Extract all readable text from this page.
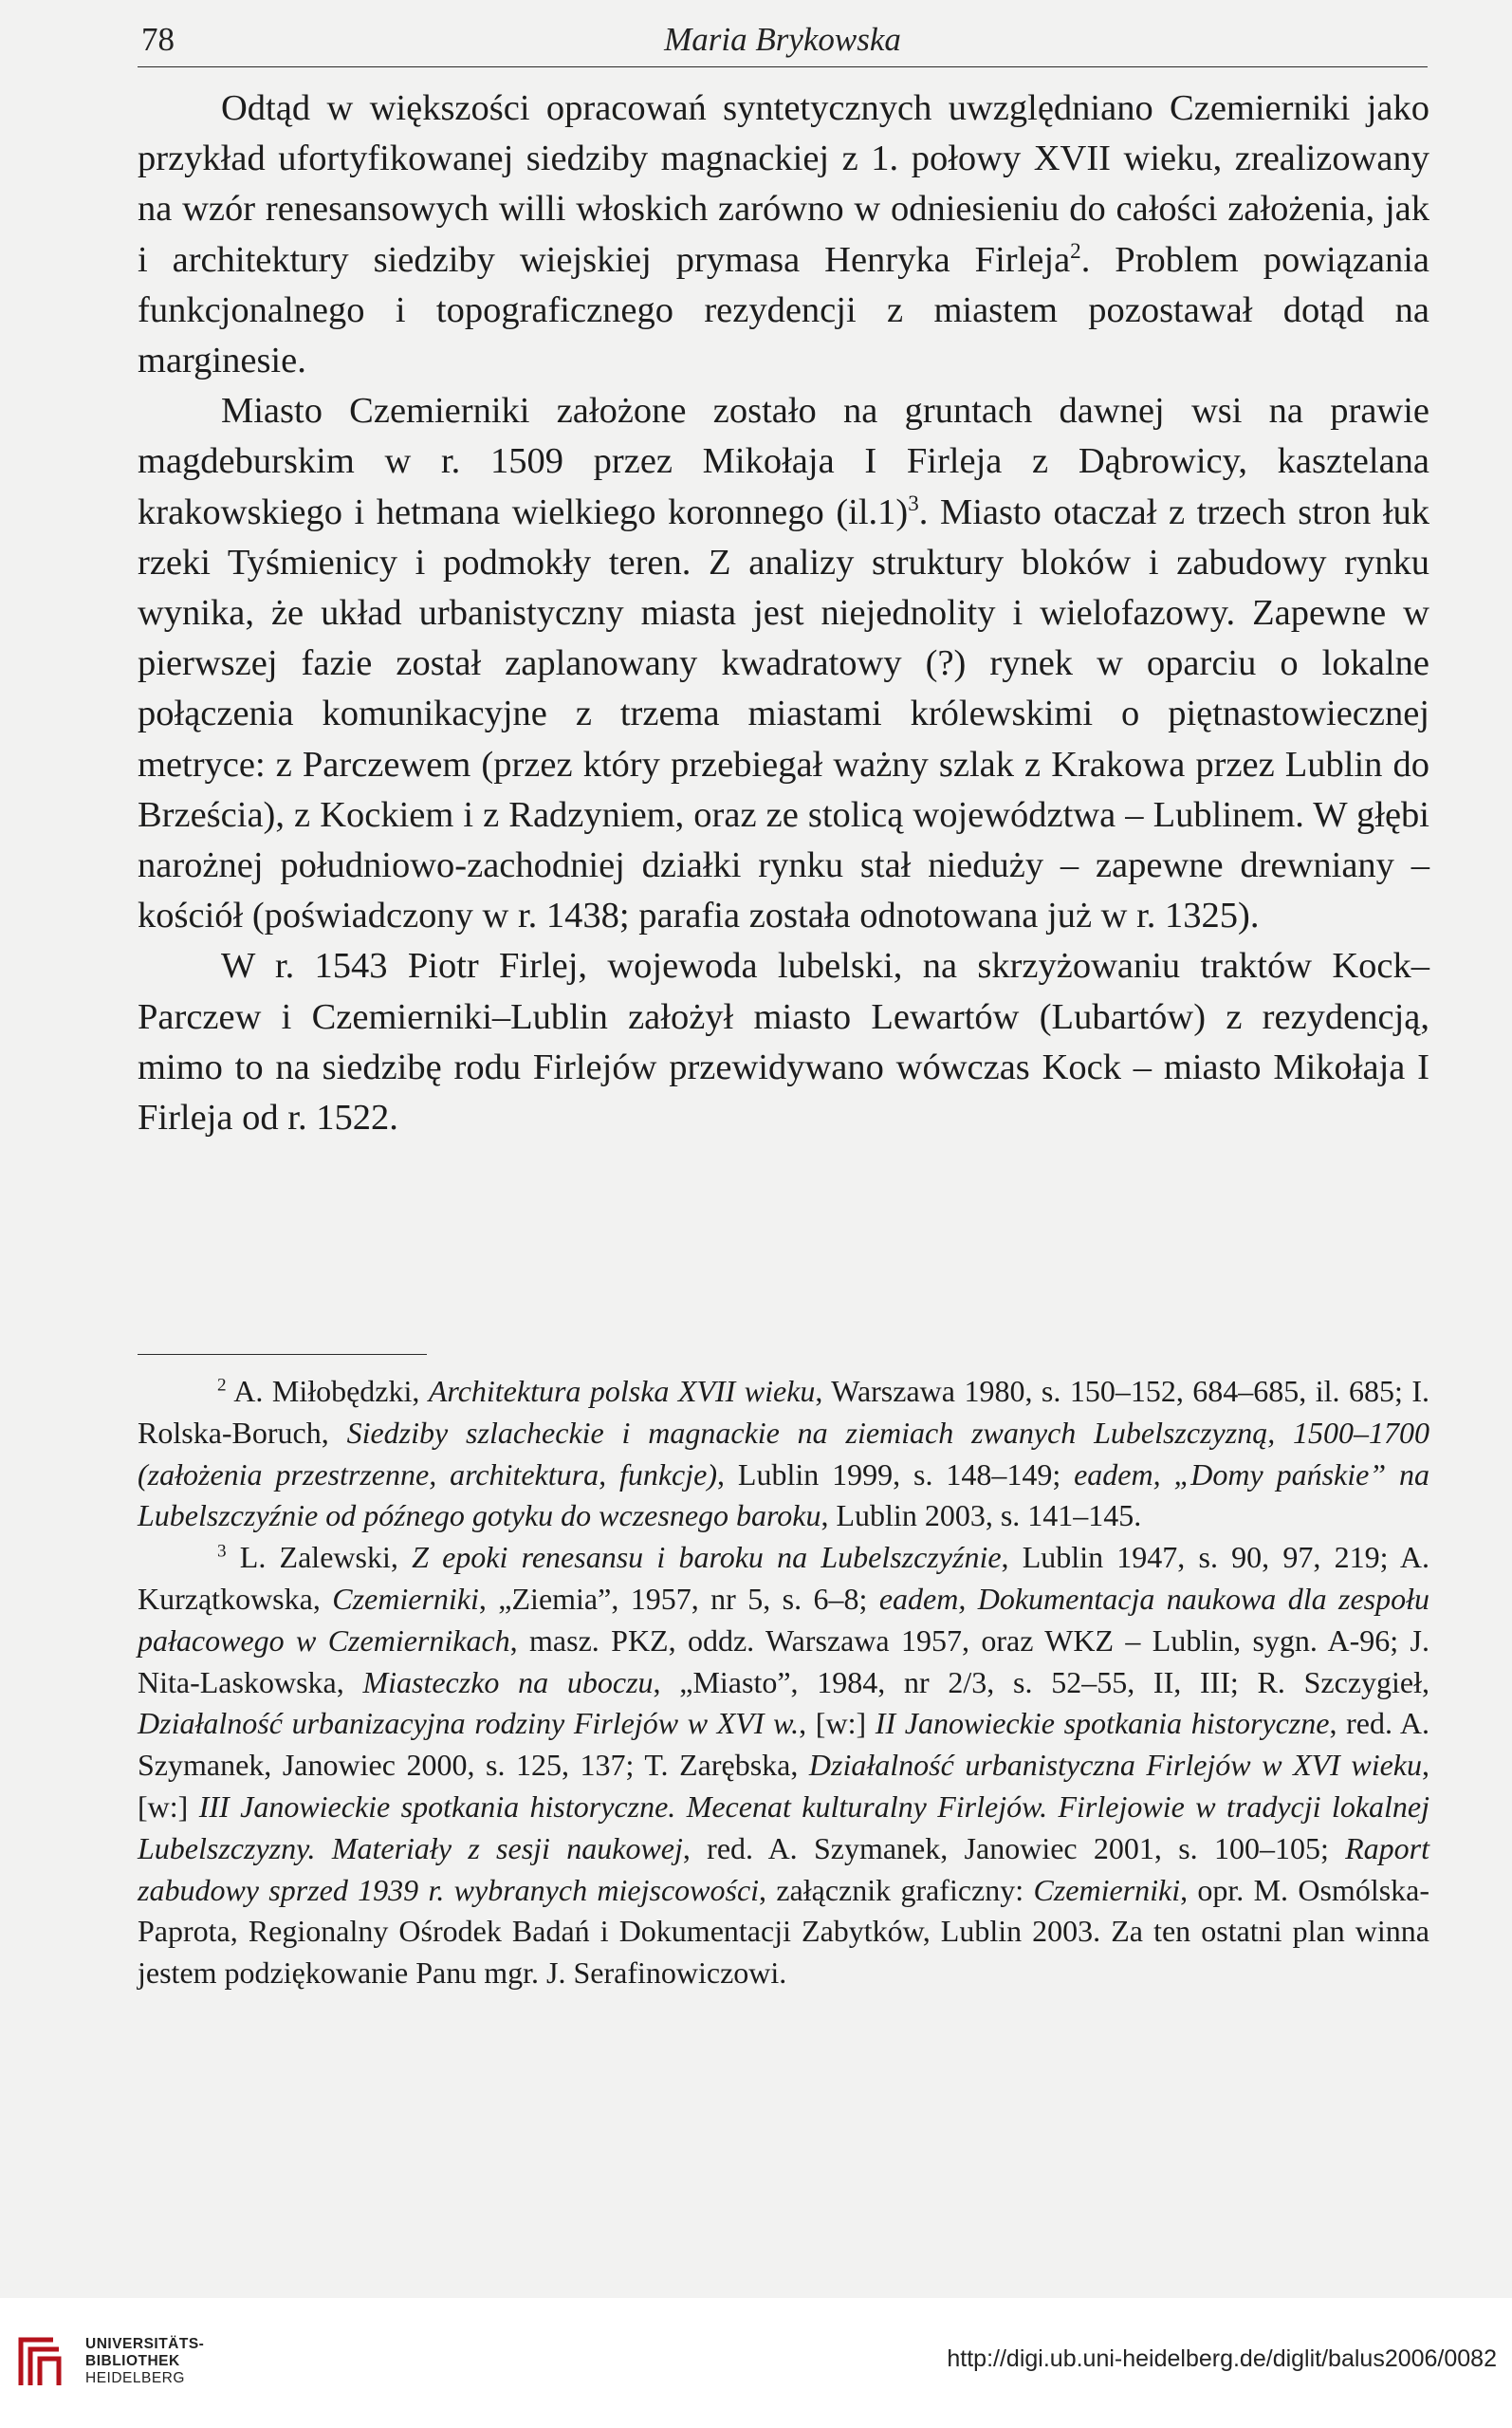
78	Maria Brykowska

Odtąd w większości opracowań syntetycznych uwzględniano Czemierniki jako przykład ufortyfikowanej siedziby magnackiej z 1. połowy XVII wieku, zrealizowany na wzór renesansowych willi włoskich zarówno w odniesieniu do całości założenia, jak i architektury siedziby wiejskiej prymasa Henryka Firleja$^2$. Problem powiązania funkcjonalnego i topograficznego rezydencji z miastem pozostawał dotąd na marginesie.

Miasto Czemierniki założone zostało na gruntach dawnej wsi na prawie magdeburskim w r. 1509 przez Mikołaja I Firleja z Dąbrowicy, kasztelana krakowskiego i hetmana wielkiego koronnego $(il.1)^3$. Miasto otaczał z trzech stron łuk rzeki Tyśmienicy i podmokły teren. Z analizy struktury bloków i zabudowy rynku wynika, że układ urbanistyczny miasta jest niejednolity i wielofazowy. Zapewne w pierwszej fazie został zaplanowany kwadratowy (?) rynek w oparciu o lokalne połączenia komunikacyjne z trzema miastami królewskimi o piętnastowiecznej metryce: z Parczewem (przez który przebiegał ważny szlak z Krakowa przez Lublin do Brześcia), z Kockiem i z Radzyniem, oraz ze stolicą województwa – Lublinem. W głębi narożnej południowo-zachodniej działki rynku stał nieduży – zapewne drewniany – kościół (poświadczony w r. 1438; parafia została odnotowana już w r. 1325).

W r. 1543 Piotr Firlej, wojewoda lubelski, na skrzyżowaniu traktów Kock–Parczew i Czemierniki–Lublin założył miasto Lewartów (Lubartów) z rezydencją, mimo to na siedzibę rodu Firlejów przewidywano wówczas Kock – miasto Mikołaja I Firleja od r. 1522.

$^2$ A. Miłobędzki, Architektura polska XVII wieku, Warszawa 1980, s. 150–152, 684–685, il. 685; I. Rolska-Boruch, Siedziby szlacheckie i magnackie na ziemiach zwanych Lubelszczyzną, 1500–1700 (założenia przestrzenne, architektura, funkcje), Lublin 1999, s. 148–149; eadem, „Domy pańskie” na Lubelszczyźnie od późnego gotyku do wczesnego baroku, Lublin 2003, s. 141–145.

$^3$ L. Zalewski, Z epoki renesansu i baroku na Lubelszczyźnie, Lublin 1947, s. 90, 97, 219; A. Kurzątkowska, Czemierniki, „Ziemia”, 1957, nr 5, s. 6–8; eadem, Dokumentacja naukowa dla zespołu pałacowego w Czemiernikach, masz. PKZ, oddz. Warszawa 1957, oraz WKZ – Lublin, sygn. A-96; J. Nita-Laskowska, Miasteczko na uboczu, „Miasto”, 1984, nr 2/3, s. 52–55, II, III; R. Szczygieł, Działalność urbanizacyjna rodziny Firlejów w XVI w., [w:] II Janowieckie spotkania historyczne, red. A. Szymanek, Janowiec 2000, s. 125, 137; T. Zarębska, Działalność urbanistyczna Firlejów w XVI wieku, [w:] III Janowieckie spotkania historyczne. Mecenat kulturalny Firlejów. Firlejowie w tradycji lokalnej Lubelszczyzny. Materiały z sesji naukowej, red. A. Szymanek, Janowiec 2001, s. 100–105; Raport zabudowy sprzed 1939 r. wybranych miejscowości, załącznik graficzny: Czemierniki, opr. M. Osmólska-Paprota, Regionalny Ośrodek Badań i Dokumentacji Zabytków, Lublin 2003. Za ten ostatni plan winna jestem podziękowanie Panu mgr. J. Serafinowiczowi.

UNIVERSITÄTS-
BIBLIOTHEK
HEIDELBERG
http://digi.ub.uni-heidelberg.de/diglit/balus2006/0082
